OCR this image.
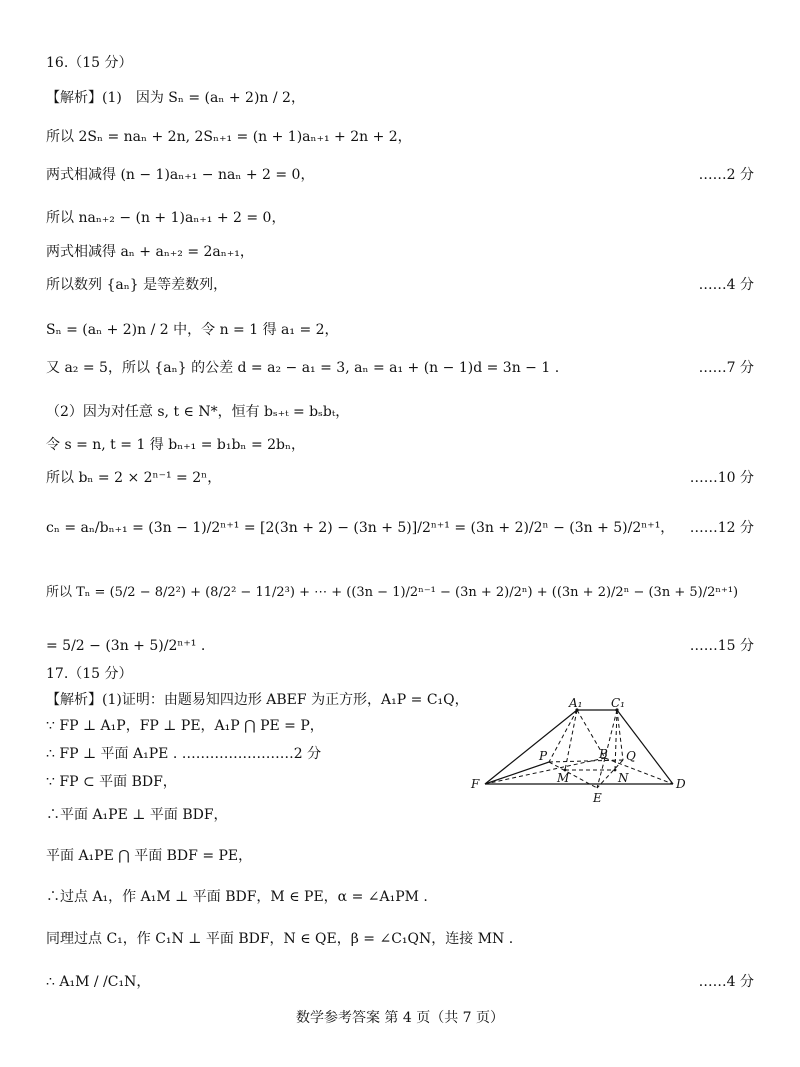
16.（15 分）
【解析】(1)　因为 Sₙ = (aₙ + 2)n / 2，
所以 2Sₙ = naₙ + 2n, 2Sₙ₊₁ = (n + 1)aₙ₊₁ + 2n + 2，
两式相减得 (n − 1)aₙ₊₁ − naₙ + 2 = 0，	……2 分
所以 naₙ₊₂ − (n + 1)aₙ₊₁ + 2 = 0，
两式相减得 aₙ + aₙ₊₂ = 2aₙ₊₁，
所以数列 {aₙ} 是等差数列，	……4 分
Sₙ = (aₙ + 2)n / 2 中，令 n = 1 得 a₁ = 2，
又 a₂ = 5，所以 {aₙ} 的公差 d = a₂ − a₁ = 3, aₙ = a₁ + (n − 1)d = 3n − 1 .	……7 分
（2）因为对任意 s, t ∈ N*，恒有 bₛ₊ₜ = bₛbₜ，
令 s = n, t = 1 得 bₙ₊₁ = b₁bₙ = 2bₙ，
所以 bₙ = 2 × 2ⁿ⁻¹ = 2ⁿ，	……10 分
cₙ = aₙ/bₙ₊₁ = (3n − 1)/2ⁿ⁺¹ = [2(3n + 2) − (3n + 5)]/2ⁿ⁺¹ = (3n + 2)/2ⁿ − (3n + 5)/2ⁿ⁺¹， ……12 分
所以 Tₙ = (5/2 − 8/2²) + (8/2² − 11/2³) + ⋯ + ((3n − 1)/2ⁿ⁻¹ − (3n + 2)/2ⁿ) + ((3n + 2)/2ⁿ − (3n + 5)/2ⁿ⁺¹)
= 5/2 − (3n + 5)/2ⁿ⁺¹ .	……15 分
17.（15 分）
【解析】(1)证明：由题易知四边形 ABEF 为正方形，A₁P = C₁Q，
∵ FP ⊥ A₁P，FP ⊥ PE，A₁P ⋂ PE = P，
∴ FP ⊥ 平面 A₁PE . ……………………2 分
∵ FP ⊂ 平面 BDF，
∴平面 A₁PE ⊥ 平面 BDF，
平面 A₁PE ⋂ 平面 BDF = PE，
∴过点 A₁，作 A₁M ⊥ 平面 BDF，M ∈ PE，α = ∠A₁PM .
同理过点 C₁，作 C₁N ⊥ 平面 BDF，N ∈ QE，β = ∠C₁QN，连接 MN .
∴ A₁M / /C₁N，	……4 分
A₁ C₁
P	B Q
M	N
F
E
D
数学参考答案 第 4 页（共 7 页）
